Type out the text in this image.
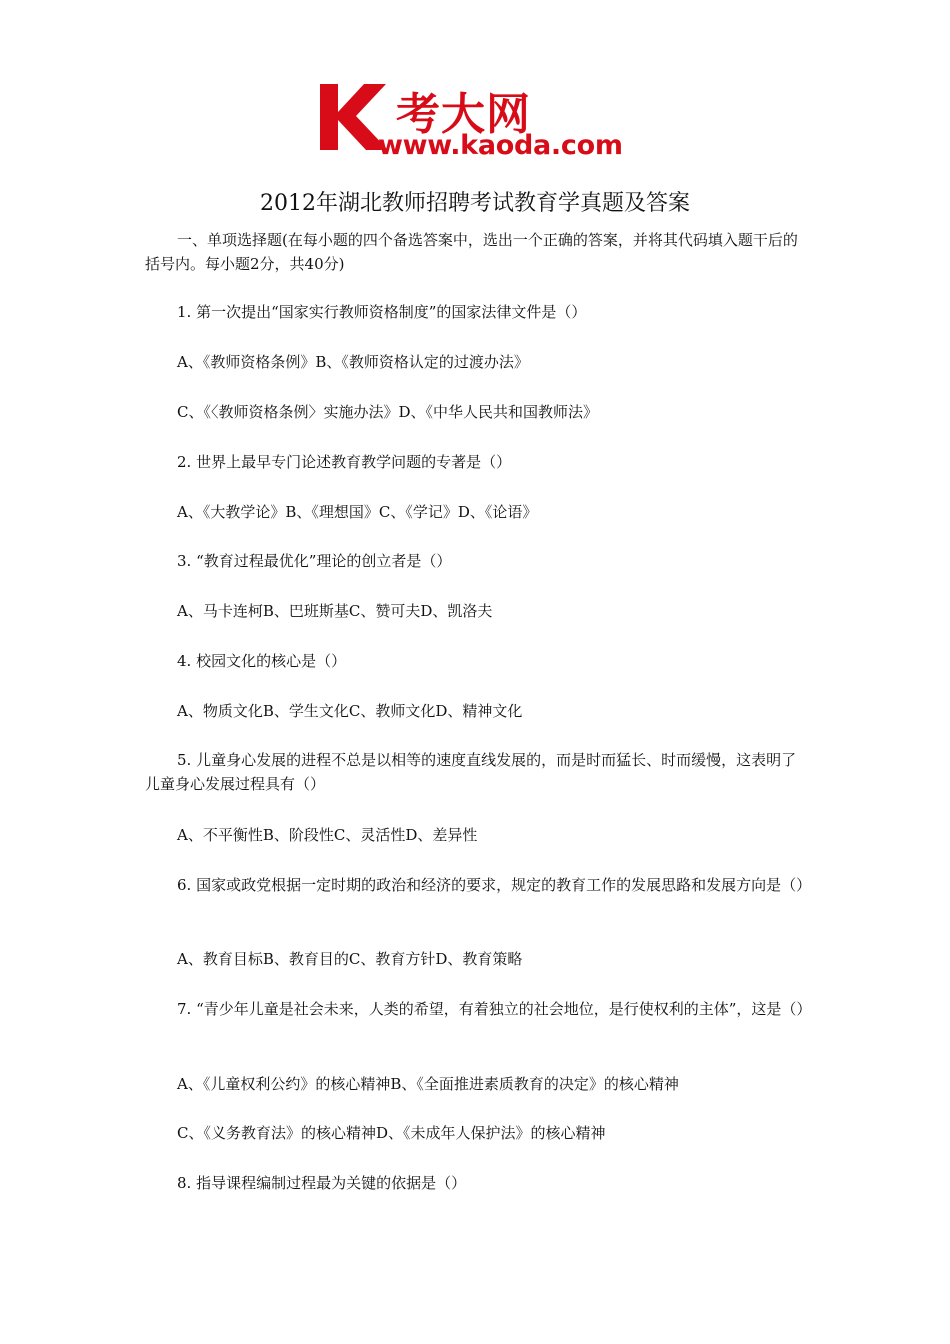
考大网
www.kaoda.com
2012年湖北教师招聘考试教育学真题及答案
一、单项选择题(在每小题的四个备选答案中，选出一个正确的答案，并将其代码填入题干后的括号内。每小题2分，共40分)
1. 第一次提出“国家实行教师资格制度”的国家法律文件是（）
A、《教师资格条例》B、《教师资格认定的过渡办法》
C、《〈教师资格条例〉实施办法》D、《中华人民共和国教师法》
2. 世界上最早专门论述教育教学问题的专著是（）
A、《大教学论》B、《理想国》C、《学记》D、《论语》
3. “教育过程最优化”理论的创立者是（）
A、马卡连柯B、巴班斯基C、赞可夫D、凯洛夫
4. 校园文化的核心是（）
A、物质文化B、学生文化C、教师文化D、精神文化
5. 儿童身心发展的进程不总是以相等的速度直线发展的，而是时而猛长、时而缓慢，这表明了儿童身心发展过程具有（）
A、不平衡性B、阶段性C、灵活性D、差异性
6. 国家或政党根据一定时期的政治和经济的要求，规定的教育工作的发展思路和发展方向是（）
A、教育目标B、教育目的C、教育方针D、教育策略
7. “青少年儿童是社会未来，人类的希望，有着独立的社会地位，是行使权利的主体”，这是（）
A、《儿童权利公约》的核心精神B、《全面推进素质教育的决定》的核心精神
C、《义务教育法》的核心精神D、《未成年人保护法》的核心精神
8. 指导课程编制过程最为关键的依据是（）
